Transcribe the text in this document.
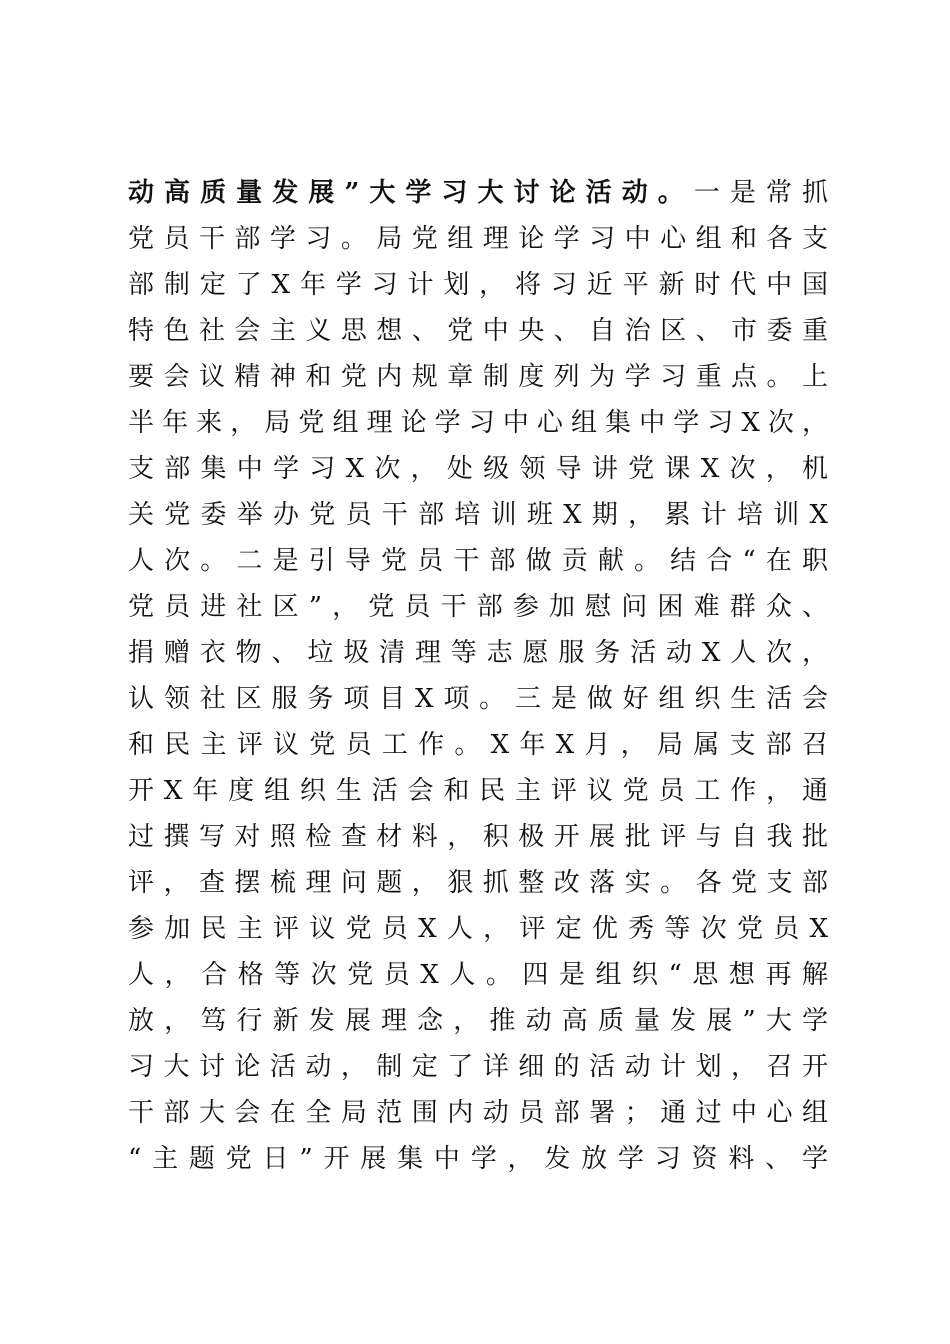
动高质量发展”大学习大讨论活动。一是常抓
党员干部学习。局党组理论学习中心组和各支
部制定了X年学习计划，将习近平新时代中国
特色社会主义思想、党中央、自治区、市委重
要会议精神和党内规章制度列为学习重点。上
半年来，局党组理论学习中心组集中学习X次，
支部集中学习X次，处级领导讲党课X次，机
关党委举办党员干部培训班X期，累计培训X
人次。二是引导党员干部做贡献。结合“在职
党员进社区”，党员干部参加慰问困难群众、
捐赠衣物、垃圾清理等志愿服务活动X人次，
认领社区服务项目X项。三是做好组织生活会
和民主评议党员工作。X年X月，局属支部召
开X年度组织生活会和民主评议党员工作，通
过撰写对照检查材料，积极开展批评与自我批
评，查摆梳理问题，狠抓整改落实。各党支部
参加民主评议党员X人，评定优秀等次党员X
人，合格等次党员X人。四是组织“思想再解
放，笃行新发展理念，推动高质量发展”大学
习大讨论活动，制定了详细的活动计划，召开
干部大会在全局范围内动员部署；通过中心组
“主题党日”开展集中学，发放学习资料、学
